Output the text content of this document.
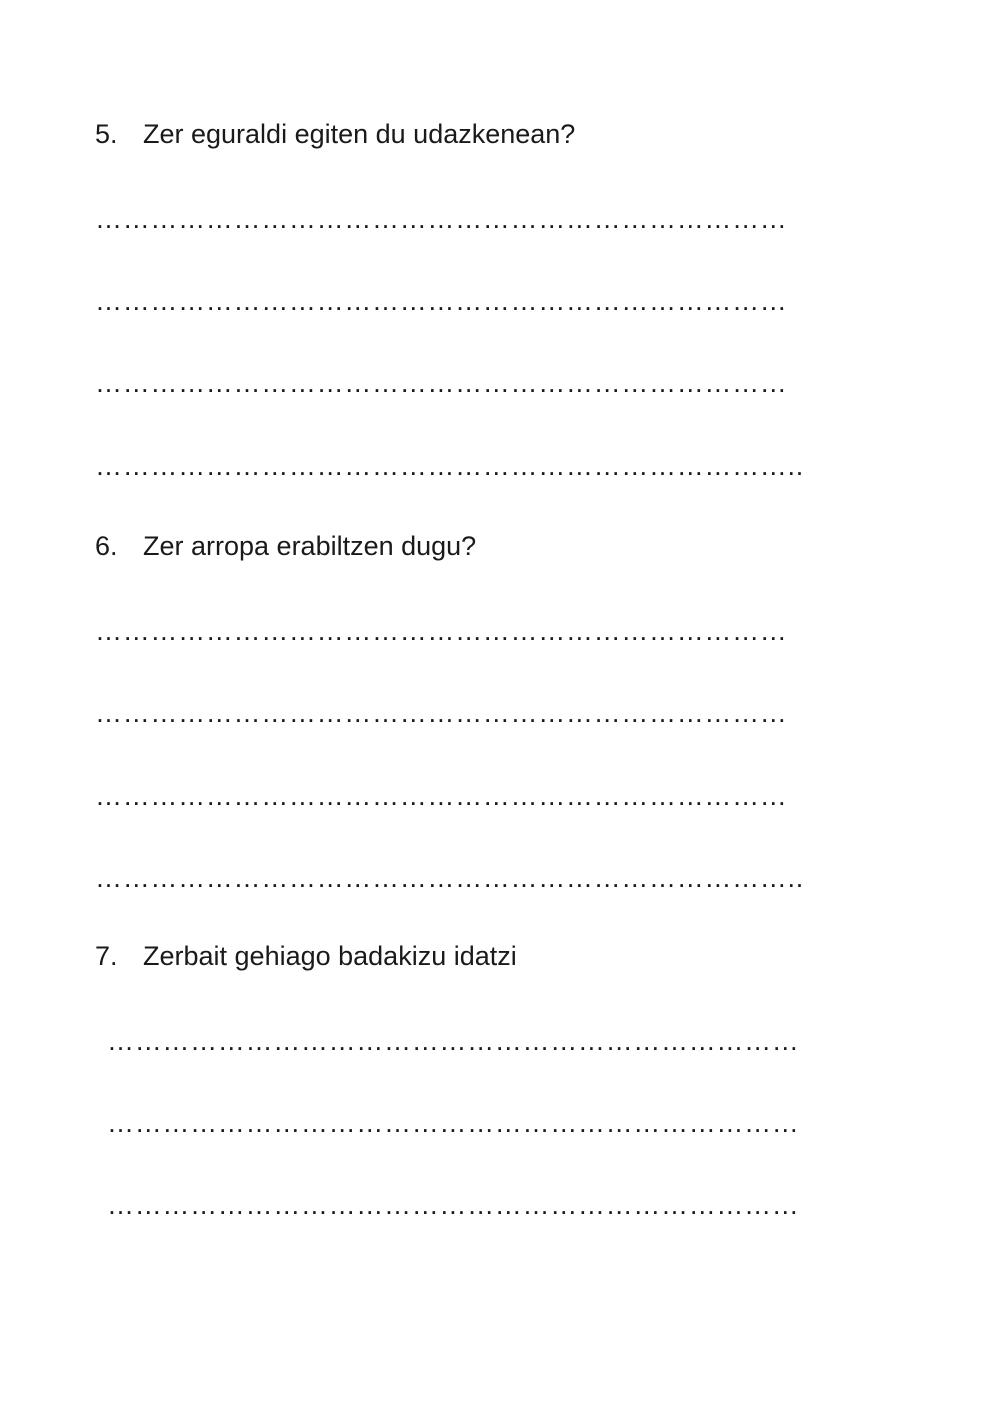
5. Zer eguraldi egiten du udazkenean?
…………………………………………………………………
…………………………………………………………………
…………………………………………………………………
…………………………………………………………………..
6. Zer arropa erabiltzen dugu?
…………………………………………………………………
…………………………………………………………………
…………………………………………………………………
…………………………………………………………………..
7. Zerbait gehiago badakizu idatzi
…………………………………………………………………
…………………………………………………………………
…………………………………………………………………
